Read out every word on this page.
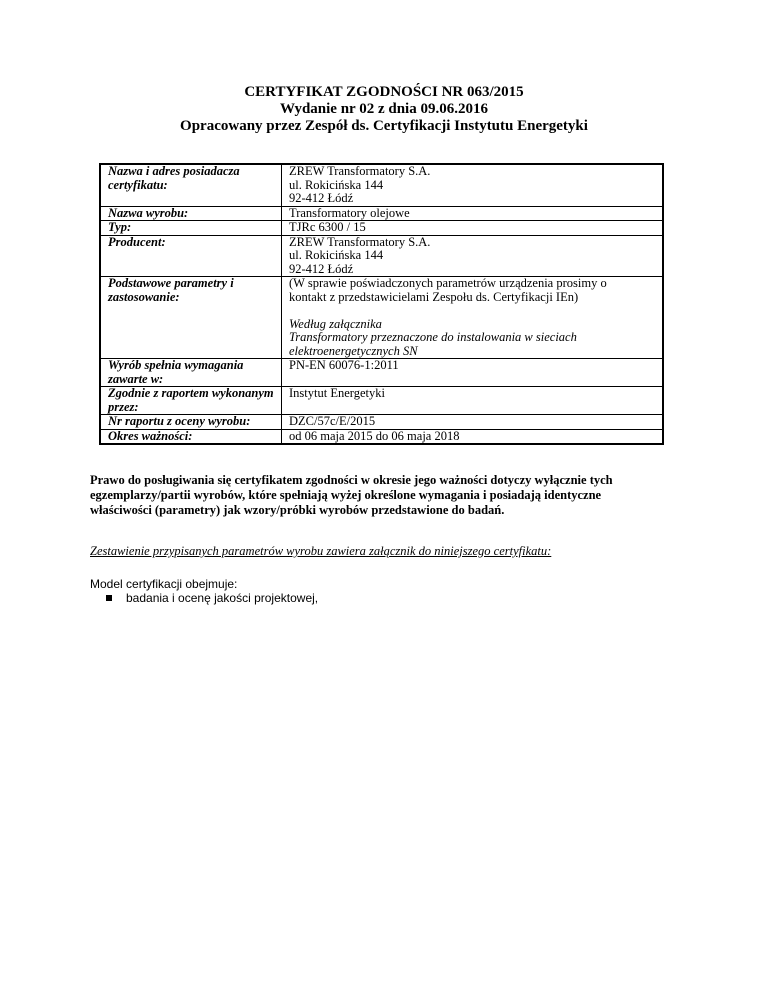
CERTYFIKAT ZGODNOŚCI NR 063/2015
Wydanie nr 02 z dnia 09.06.2016
Opracowany przez Zespół ds. Certyfikacji Instytutu Energetyki
Nazwa i adres posiadacza
certyfikatu:	ZREW Transformatory S.A.
ul. Rokicińska 144
92-412 Łódź

Nazwa wyrobu:	Transformatory olejowe
Typ:	TJRc 6300 / 15
Producent:	ZREW Transformatory S.A.
ul. Rokicińska 144
92-412 Łódź

Podstawowe parametry i
zastosowanie:	(W sprawie poświadczonych parametrów urządzenia prosimy o
kontakt z przedstawicielami Zespołu ds. Certyfikacji IEn)
Według załącznika
Transformatory przeznaczone do instalowania w sieciach
elektroenergetycznych SN

Wyrób spełnia wymagania
zawarte w:	PN-EN 60076-1:2011

Zgodnie z raportem wykonanym
przez:	Instytut Energetyki
Nr raportu z oceny wyrobu:	DZC/57c/E/2015
Okres ważności:	od 06 maja 2015 do 06 maja 2018
Prawo do posługiwania się certyfikatem zgodności w okresie jego ważności dotyczy wyłącznie tych
egzemplarzy/partii wyrobów, które spełniają wyżej określone wymagania i posiadają identyczne
właściwości (parametry) jak wzory/próbki wyrobów przedstawione do badań.
Zestawienie przypisanych parametrów wyrobu zawiera załącznik do niniejszego certyfikatu:
Model certyfikacji obejmuje:
badania i ocenę jakości projektowej,
